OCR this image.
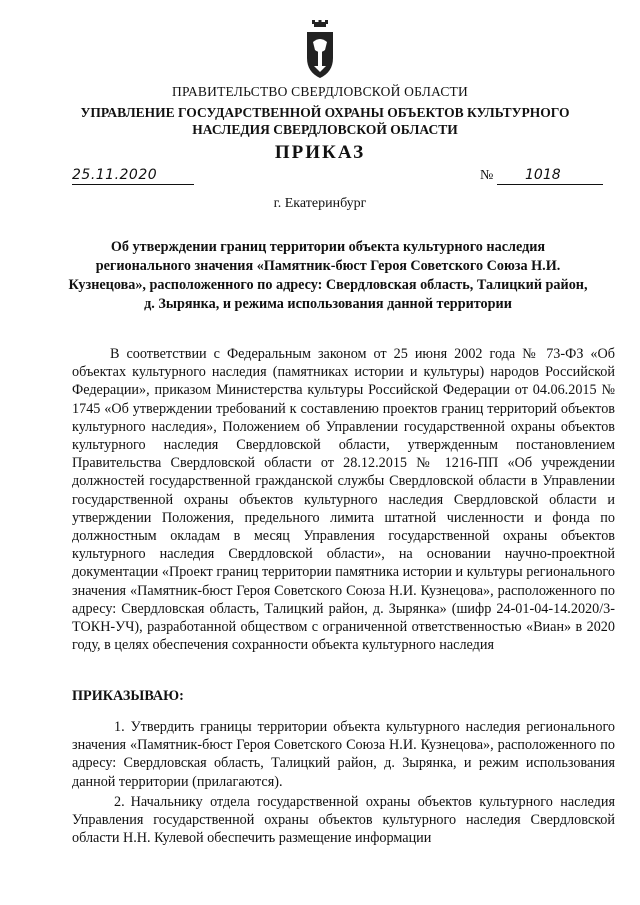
ПРАВИТЕЛЬСТВО СВЕРДЛОВСКОЙ ОБЛАСТИ
УПРАВЛЕНИЕ ГОСУДАРСТВЕННОЙ ОХРАНЫ ОБЪЕКТОВ КУЛЬТУРНОГО НАСЛЕДИЯ СВЕРДЛОВСКОЙ ОБЛАСТИ
ПРИКАЗ
25.11.2020	№ 1018
г. Екатеринбург
Об утверждении границ территории объекта культурного наследия регионального значения «Памятник-бюст Героя Советского Союза Н.И. Кузнецова», расположенного по адресу: Свердловская область, Талицкий район, д. Зырянка, и режима использования данной территории
В соответствии с Федеральным законом от 25 июня 2002 года № 73-ФЗ «Об объектах культурного наследия (памятниках истории и культуры) народов Российской Федерации», приказом Министерства культуры Российской Федерации от 04.06.2015 № 1745 «Об утверждении требований к составлению проектов границ территорий объектов культурного наследия», Положением об Управлении государственной охраны объектов культурного наследия Свердловской области, утвержденным постановлением Правительства Свердловской области от 28.12.2015 № 1216-ПП «Об учреждении должностей государственной гражданской службы Свердловской области в Управлении государственной охраны объектов культурного наследия Свердловской области и утверждении Положения, предельного лимита штатной численности и фонда по должностным окладам в месяц Управления государственной охраны объектов культурного наследия Свердловской области», на основании научно-проектной документации «Проект границ территории памятника истории и культуры регионального значения «Памятник-бюст Героя Советского Союза Н.И. Кузнецова», расположенного по адресу: Свердловская область, Талицкий район, д. Зырянка» (шифр 24-01-04-14.2020/3-ТОКН-УЧ), разработанной обществом с ограниченной ответственностью «Виан» в 2020 году, в целях обеспечения сохранности объекта культурного наследия
ПРИКАЗЫВАЮ:
1. Утвердить границы территории объекта культурного наследия регионального значения «Памятник-бюст Героя Советского Союза Н.И. Кузнецова», расположенного по адресу: Свердловская область, Талицкий район, д. Зырянка, и режим использования данной территории (прилагаются).
2. Начальнику отдела государственной охраны объектов культурного наследия Управления государственной охраны объектов культурного наследия Свердловской области Н.Н. Кулевой обеспечить размещение информации
